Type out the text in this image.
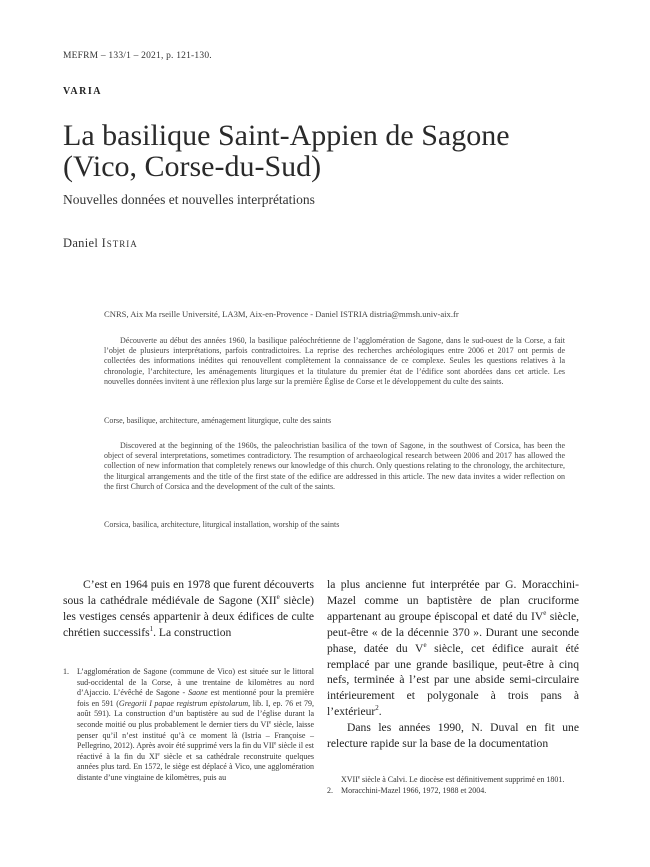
MEFRM – 133/1 – 2021, p. 121-130.
VARIA
La basilique Saint-Appien de Sagone
(Vico, Corse-du-Sud)
Nouvelles données et nouvelles interprétations
Daniel Istria
CNRS, Aix Ma rseille Université, LA3M, Aix-en-Provence - Daniel ISTRIA distria@mmsh.univ-aix.fr

Découverte au début des années 1960, la basilique paléochrétienne de l’agglomération de Sagone, dans le sud-ouest de la Corse, a fait l’objet de plusieurs interprétations, parfois contradictoires. La reprise des recherches archéologiques entre 2006 et 2017 ont permis de collectées des informations inédites qui renouvellent complètement la connaissance de ce complexe. Seules les questions relatives à la chronologie, l’architecture, les aménagements liturgiques et la titulature du premier état de l’édifice sont abordées dans cet article. Les nouvelles données invitent à une réflexion plus large sur la première Église de Corse et le développement du culte des saints.

Corse, basilique, architecture, aménagement liturgique, culte des saints

Discovered at the beginning of the 1960s, the paleochristian basilica of the town of Sagone, in the southwest of Corsica, has been the object of several interpretations, sometimes contradictory. The resumption of archaeological research between 2006 and 2017 has allowed the collection of new information that completely renews our knowledge of this church. Only questions relating to the chronology, the architecture, the liturgical arrangements and the title of the first state of the edifice are addressed in this article. The new data invites a wider reflection on the first Church of Corsica and the development of the cult of the saints.

Corsica, basilica, architecture, liturgical installation, worship of the saints

C’est en 1964 puis en 1978 que furent découverts sous la cathédrale médiévale de Sagone (XIIe siècle) les vestiges censés appartenir à deux édifices de culte chrétien successifs$^1$. La construction

1. L’agglomération de Sagone (commune de Vico) est située sur le littoral sud-occidental de la Corse, à une trentaine de kilomètres au nord d’Ajaccio. L’évêché de Sagone - Saone est mentionné pour la première fois en 591 (Gregorii I papae registrum epistolarum, lib. I, ep. 76 et 79, août 591). La construction d’un baptistère au sud de l’église durant la seconde moitié ou plus probablement le dernier tiers du VIe siècle, laisse penser qu’il n’est institué qu’à ce moment là (Istria – Françoise – Pellegrino, 2012). Après avoir été supprimé vers la fin du VIIe siècle il est réactivé à la fin du XIe siècle et sa cathédrale reconstruite quelques années plus tard. En 1572, le siège est déplacé à Vico, une agglomération distante d’une vingtaine de kilomètres, puis au

la plus ancienne fut interprétée par G. Moracchini-Mazel comme un baptistère de plan cruciforme appartenant au groupe épiscopal et daté du IVe siècle, peut-être « de la décennie 370 ». Durant une seconde phase, datée du Ve siècle, cet édifice aurait été remplacé par une grande basilique, peut-être à cinq nefs, terminée à l’est par une abside semi-circulaire intérieurement et polygonale à trois pans à l’extérieur$^2$.

Dans les années 1990, N. Duval en fit une relecture rapide sur la base de la documentation

XVIIe siècle à Calvi. Le diocèse est définitivement supprimé en 1801.
2. Moracchini-Mazel 1966, 1972, 1988 et 2004.
